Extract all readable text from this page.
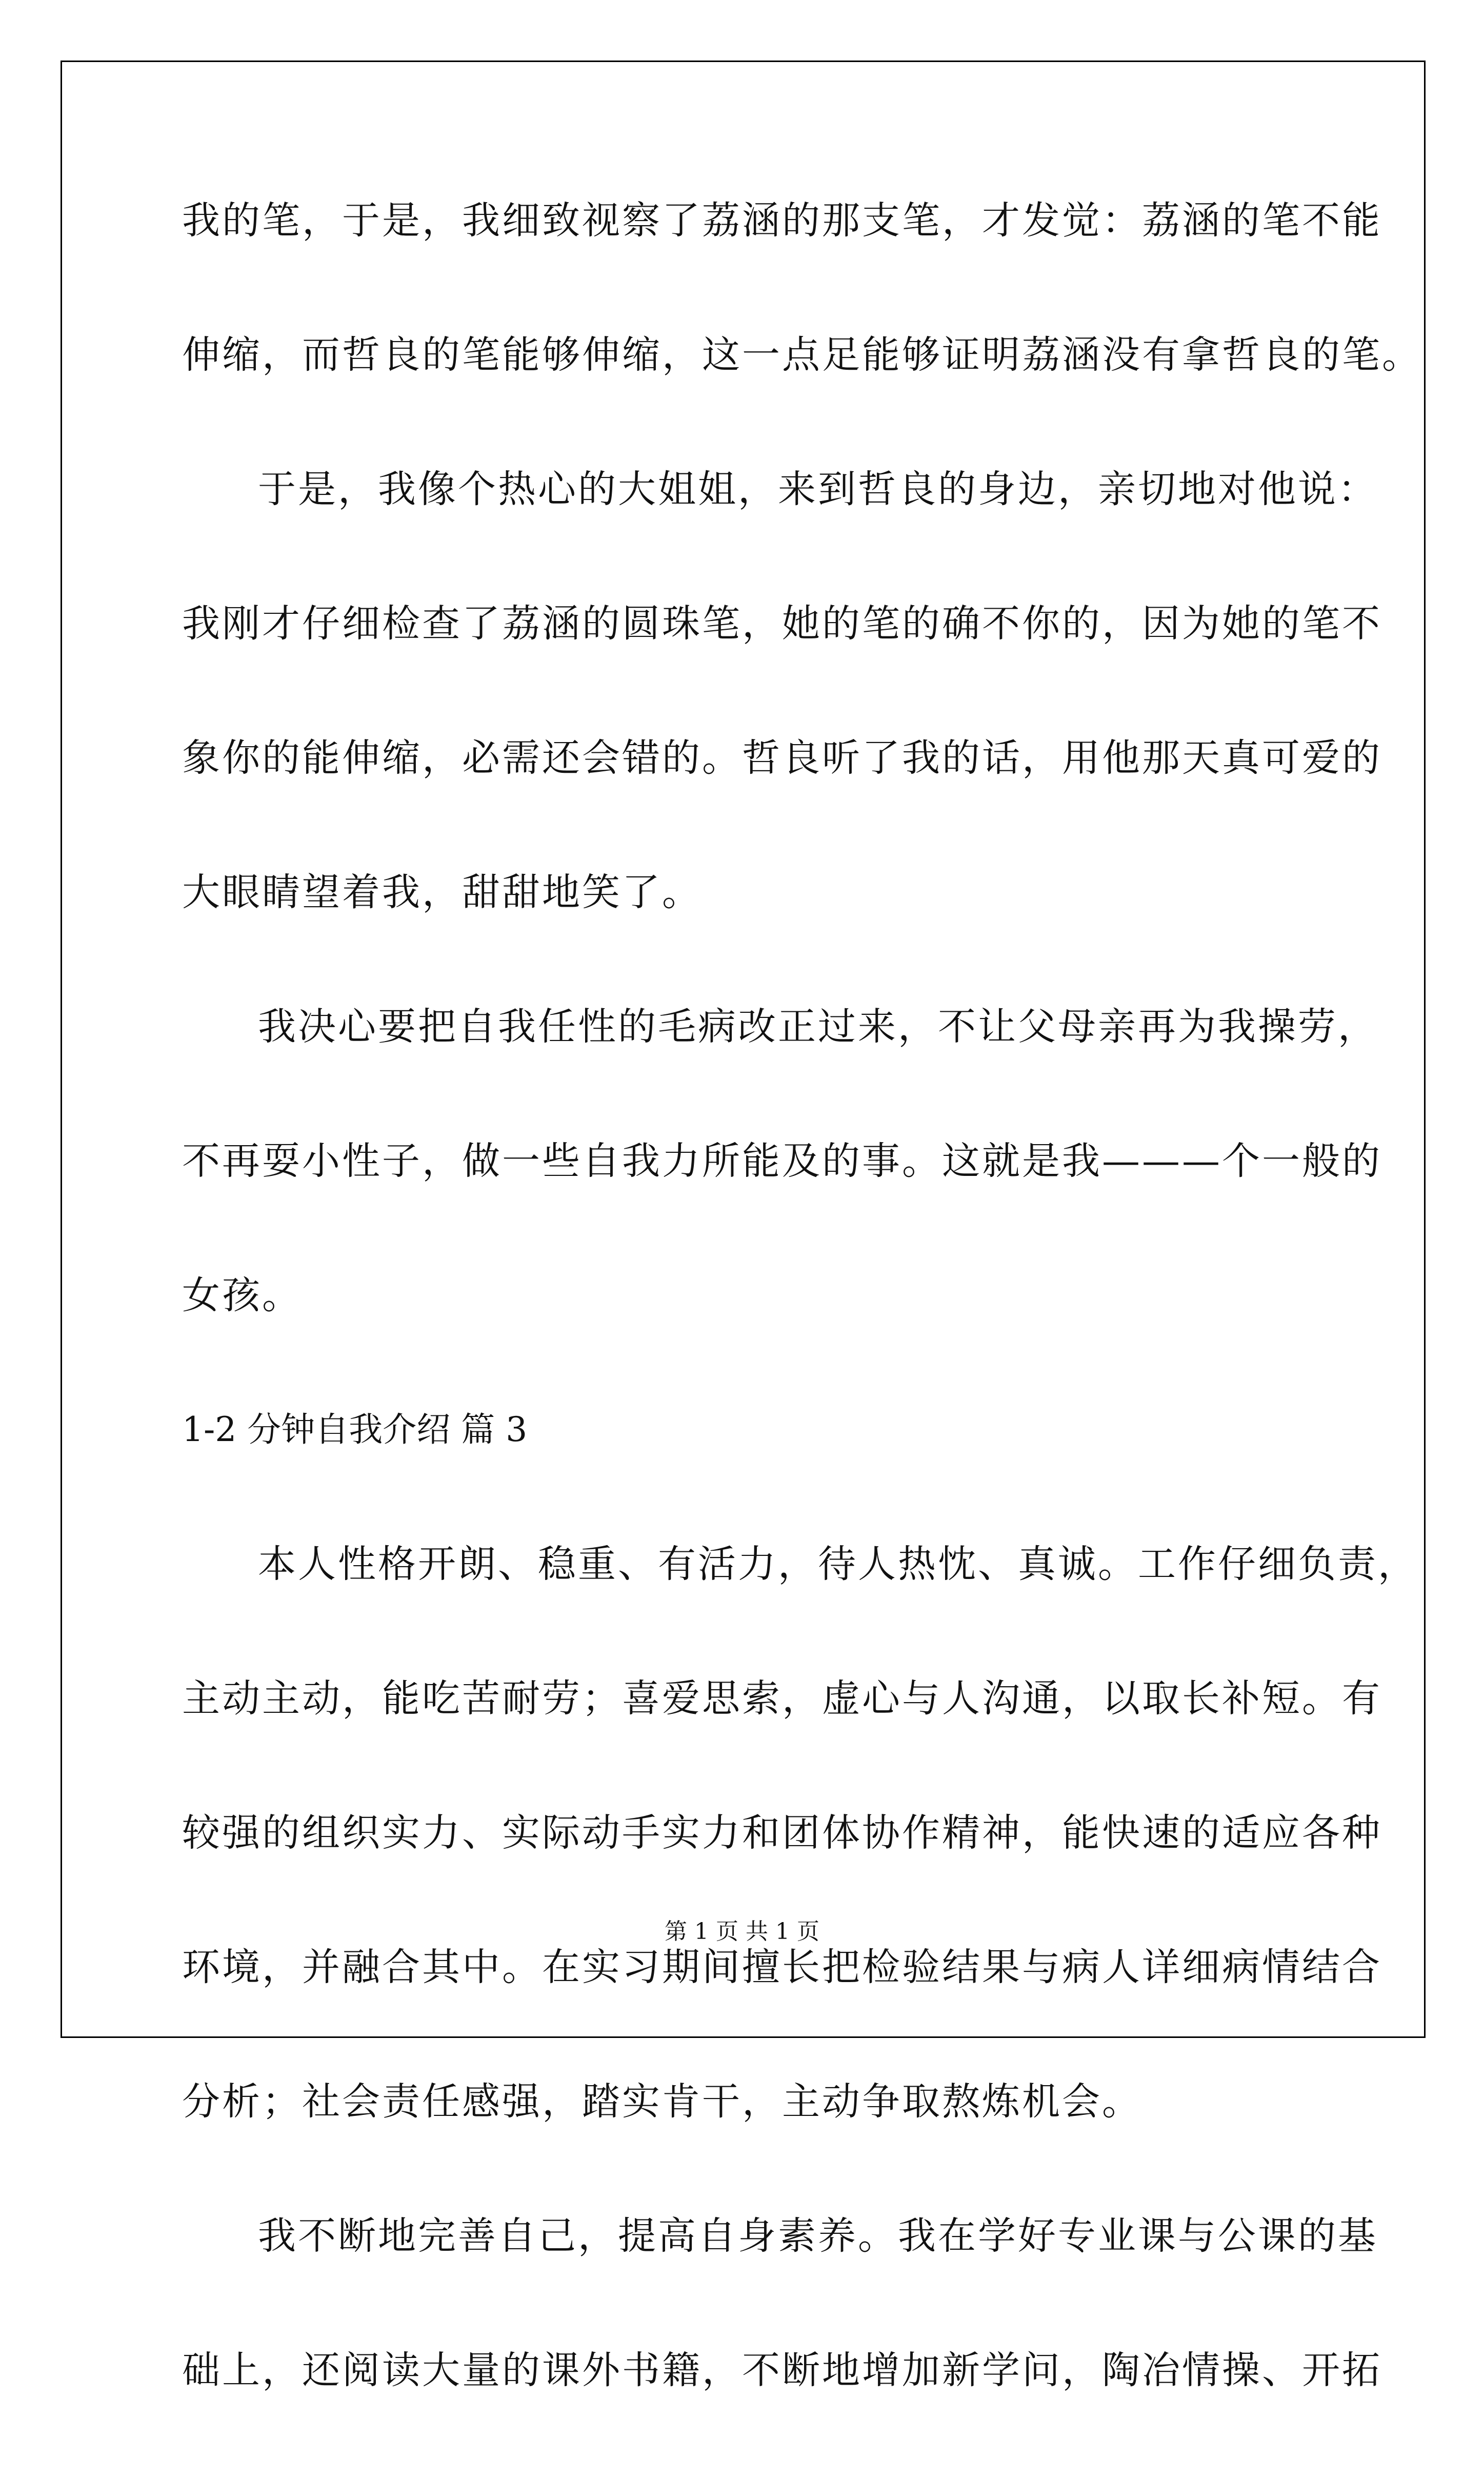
我的笔，于是，我细致视察了荔涵的那支笔，才发觉：荔涵的笔不能
伸缩，而哲良的笔能够伸缩，这一点足能够证明荔涵没有拿哲良的笔。
于是，我像个热心的大姐姐，来到哲良的身边，亲切地对他说：
我刚才仔细检查了荔涵的圆珠笔，她的笔的确不你的，因为她的笔不
象你的能伸缩，必需还会错的。哲良听了我的话，用他那天真可爱的
大眼睛望着我，甜甜地笑了。
我决心要把自我任性的毛病改正过来，不让父母亲再为我操劳，
不再耍小性子，做一些自我力所能及的事。这就是我———个一般的
女孩。
1-2 分钟自我介绍 篇 3
本人性格开朗、稳重、有活力，待人热忱、真诚。工作仔细负责，
主动主动，能吃苦耐劳；喜爱思索，虚心与人沟通，以取长补短。有
较强的组织实力、实际动手实力和团体协作精神，能快速的适应各种
环境，并融合其中。在实习期间擅长把检验结果与病人详细病情结合
分析；社会责任感强，踏实肯干，主动争取熬炼机会。
我不断地完善自己，提高自身素养。我在学好专业课与公课的基
础上，还阅读大量的课外书籍，不断地增加新学问，陶冶情操、开拓
第 1 页 共 1 页
